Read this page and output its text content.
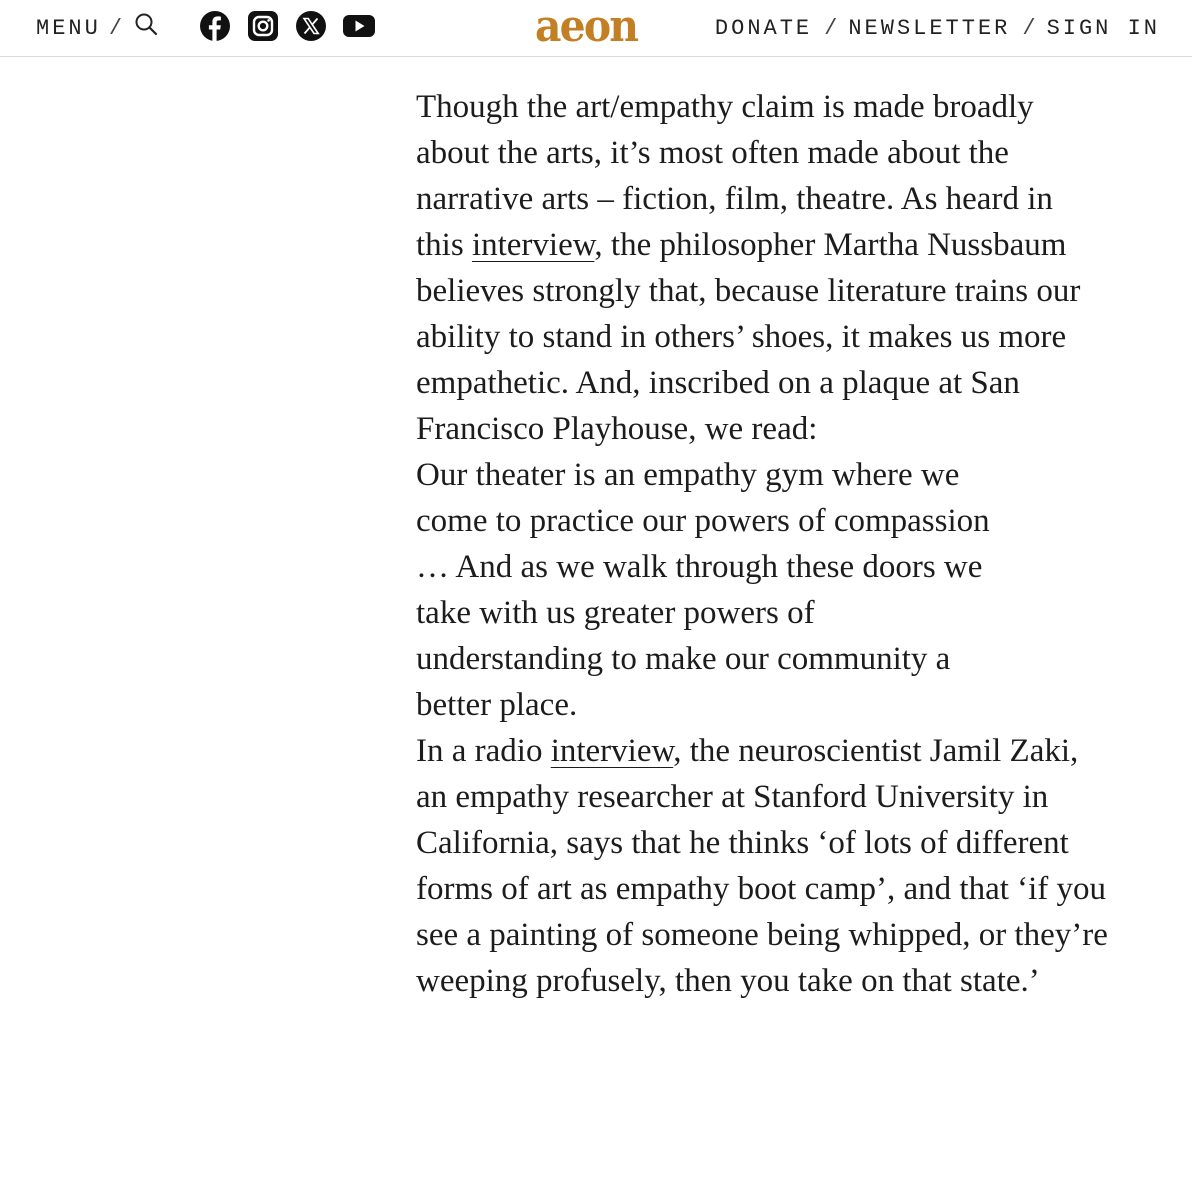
MENU /	aeon	DONATE / NEWSLETTER / SIGN IN

Though the art/empathy claim is made broadly about the arts, it’s most often made about the narrative arts – fiction, film, theatre. As heard in this interview, the philosopher Martha Nussbaum believes strongly that, because literature trains our ability to stand in others’ shoes, it makes us more empathetic. And, inscribed on a plaque at San Francisco Playhouse, we read:

Our theater is an empathy gym where we come to practice our powers of compassion … And as we walk through these doors we take with us greater powers of understanding to make our community a better place.

In a radio interview, the neuroscientist Jamil Zaki, an empathy researcher at Stanford University in California, says that he thinks ‘of lots of different forms of art as empathy boot camp’, and that ‘if you see a painting of someone being whipped, or they’re weeping profusely, then you take on that state.’
